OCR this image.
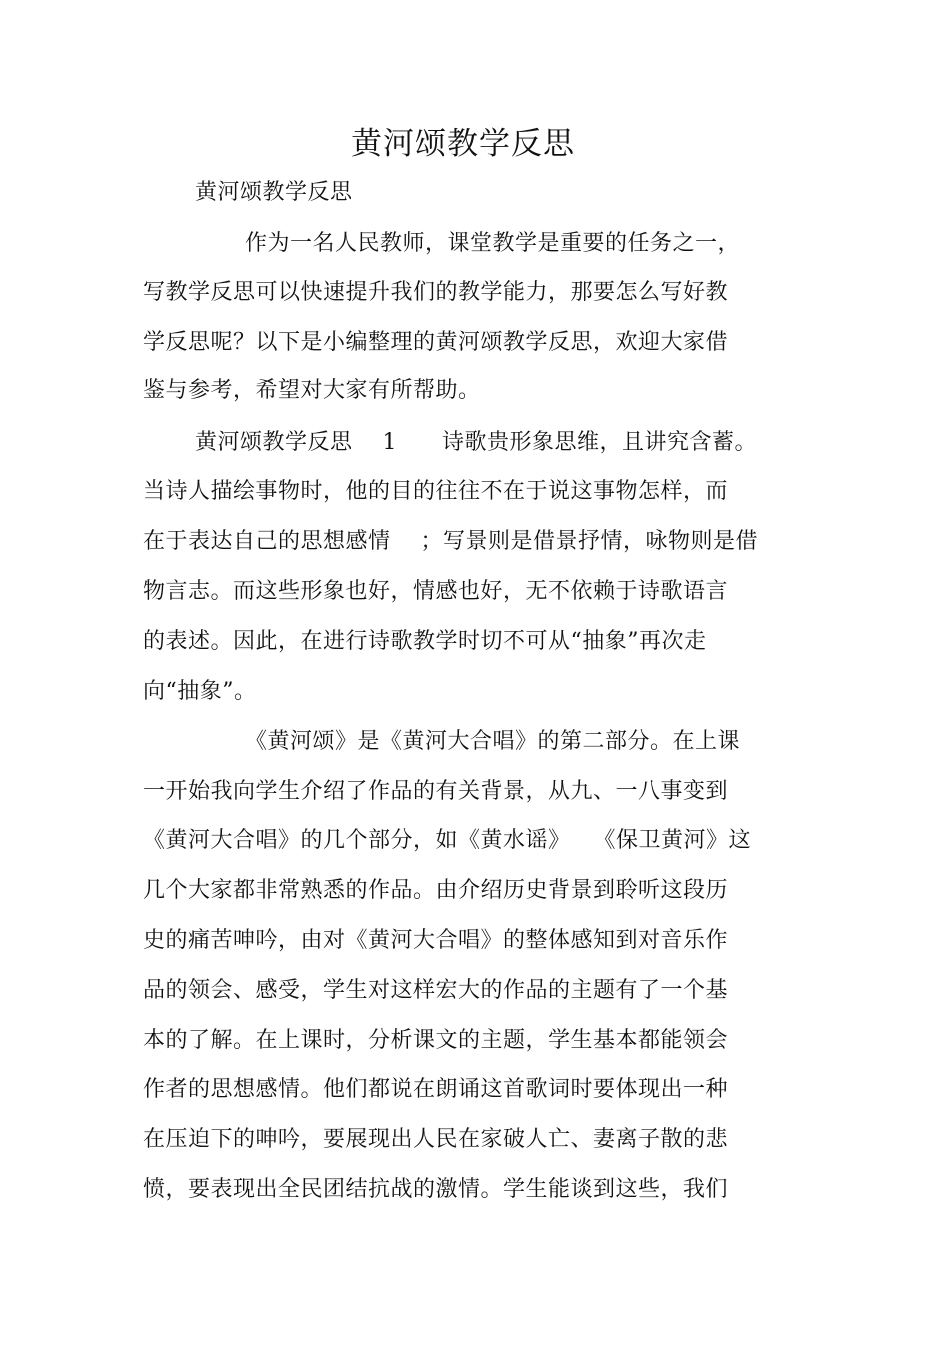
黄河颂教学反思
黄河颂教学反思
作为一名人民教师，课堂教学是重要的任务之一，
写教学反思可以快速提升我们的教学能力，那要怎么写好教
学反思呢？以下是小编整理的黄河颂教学反思，欢迎大家借
鉴与参考，希望对大家有所帮助。
黄河颂教学反思　 1　　诗歌贵形象思维，且讲究含蓄。
当诗人描绘事物时，他的目的往往不在于说这事物怎样，而
在于表达自己的思想感情　 ；写景则是借景抒情，咏物则是借
物言志。而这些形象也好，情感也好，无不依赖于诗歌语言
的表述。因此，在进行诗歌教学时切不可从“抽象”再次走
向“抽象”。
《黄河颂》是《黄河大合唱》的第二部分。在上课
一开始我向学生介绍了作品的有关背景，从九、一八事变到
《黄河大合唱》的几个部分，如《黄水谣》　　《保卫黄河》这
几个大家都非常熟悉的作品。由介绍历史背景到聆听这段历
史的痛苦呻吟，由对《黄河大合唱》的整体感知到对音乐作
品的领会、感受，学生对这样宏大的作品的主题有了一个基
本的了解。在上课时，分析课文的主题，学生基本都能领会
作者的思想感情。他们都说在朗诵这首歌词时要体现出一种
在压迫下的呻吟，要展现出人民在家破人亡、妻离子散的悲
愤，要表现出全民团结抗战的激情。学生能谈到这些，我们
